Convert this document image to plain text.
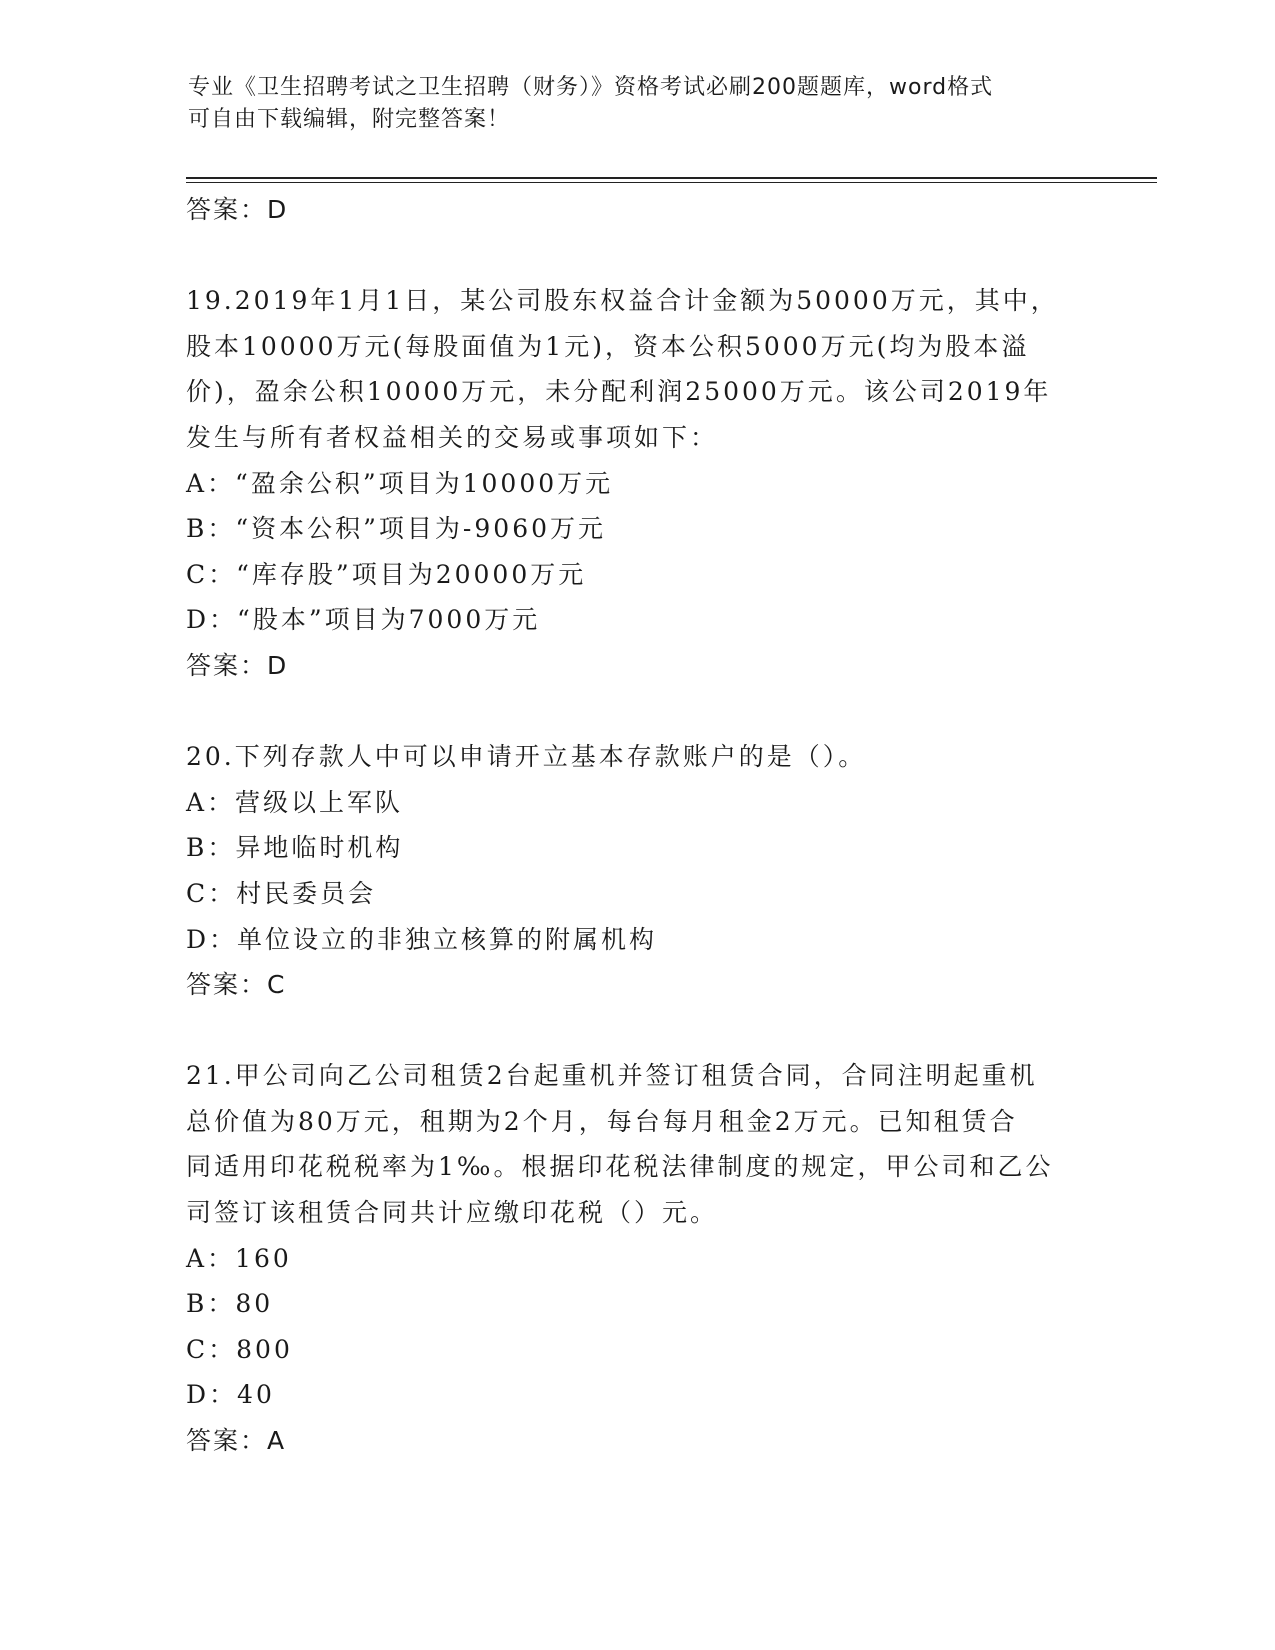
专业《卫生招聘考试之卫生招聘（财务）》资格考试必刷200题题库，word格式
可自由下载编辑，附完整答案！
答案：D
19.2019年1月1日，某公司股东权益合计金额为50000万元，其中，
股本10000万元(每股面值为1元)，资本公积5000万元(均为股本溢
价)，盈余公积10000万元，未分配利润25000万元。该公司2019年
发生与所有者权益相关的交易或事项如下：
A：“盈余公积”项目为10000万元
B：“资本公积”项目为-9060万元
C：“库存股”项目为20000万元
D：“股本”项目为7000万元
答案：D
20.下列存款人中可以申请开立基本存款账户的是（）。
A：营级以上军队
B：异地临时机构
C：村民委员会
D：单位设立的非独立核算的附属机构
答案：C
21.甲公司向乙公司租赁2台起重机并签订租赁合同，合同注明起重机
总价值为80万元，租期为2个月，每台每月租金2万元。已知租赁合
同适用印花税税率为1‰。根据印花税法律制度的规定，甲公司和乙公
司签订该租赁合同共计应缴印花税（）元。
A：160
B：80
C：800
D：40
答案：A
